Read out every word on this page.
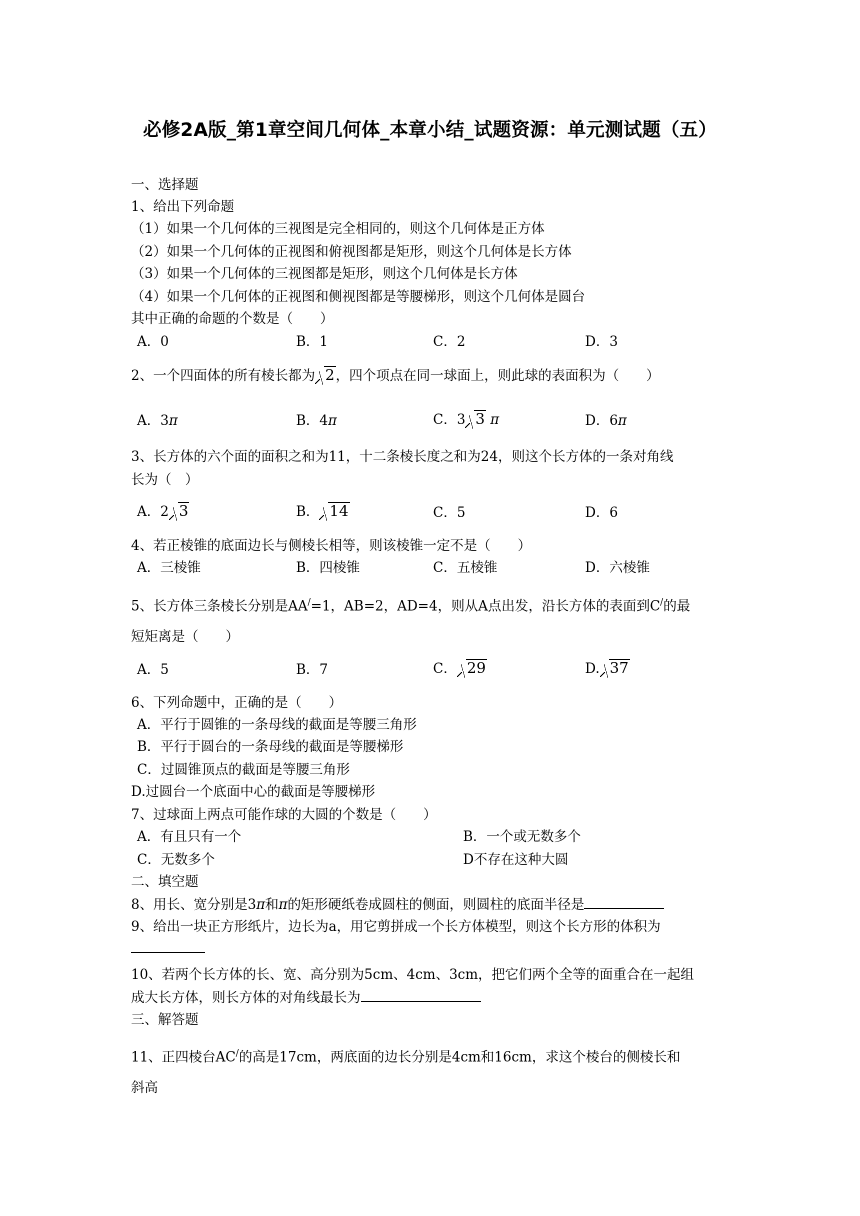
必修2A版_第1章空间几何体_本章小结_试题资源：单元测试题（五）
一、选择题
1、给出下列命题
（1）如果一个几何体的三视图是完全相同的，则这个几何体是正方体
（2）如果一个几何体的正视图和俯视图都是矩形，则这个几何体是长方体
（3）如果一个几何体的三视图都是矩形，则这个几何体是长方体
（4）如果一个几何体的正视图和侧视图都是等腰梯形，则这个几何体是圆台
其中正确的命题的个数是（　　）
A．0	B．1	C．2	D．3
2、一个四面体的所有棱长都为 2，四个项点在同一球面上，则此球的表面积为（　　）
A．3π	B．4π	C．3 3 π	D．6π
3、长方体的六个面的面积之和为11，十二条棱长度之和为24，则这个长方体的一条对角线
长为（　）
A．2 3	B． 14	C．5	D．6
4、若正棱锥的底面边长与侧棱长相等，则该棱锥一定不是（　　）
A．三棱锥	B．四棱锥	C．五棱锥	D．六棱锥
5、长方体三条棱长分别是AA/=1，AB=2，AD=4，则从A点出发，沿长方体的表面到C/的最
短矩离是（　　）
A．5	B．7	C． 29	D. 37
6、下列命题中，正确的是（　　）
A．平行于圆锥的一条母线的截面是等腰三角形
B．平行于圆台的一条母线的截面是等腰梯形
C．过圆锥顶点的截面是等腰三角形
D.过圆台一个底面中心的截面是等腰梯形
7、过球面上两点可能作球的大圆的个数是（　　）
A．有且只有一个	B．一个或无数多个
C．无数多个	D不存在这种大圆
二、填空题
8、用长、宽分别是3π和π的矩形硬纸卷成圆柱的侧面，则圆柱的底面半径是
9、给出一块正方形纸片，边长为a，用它剪拼成一个长方体模型，则这个长方形的体积为
10、若两个长方体的长、宽、高分别为5cm、4cm、3cm，把它们两个全等的面重合在一起组
成大长方体，则长方体的对角线最长为
三、解答题
11、正四棱台AC/的高是17cm，两底面的边长分别是4cm和16cm，求这个棱台的侧棱长和
斜高
